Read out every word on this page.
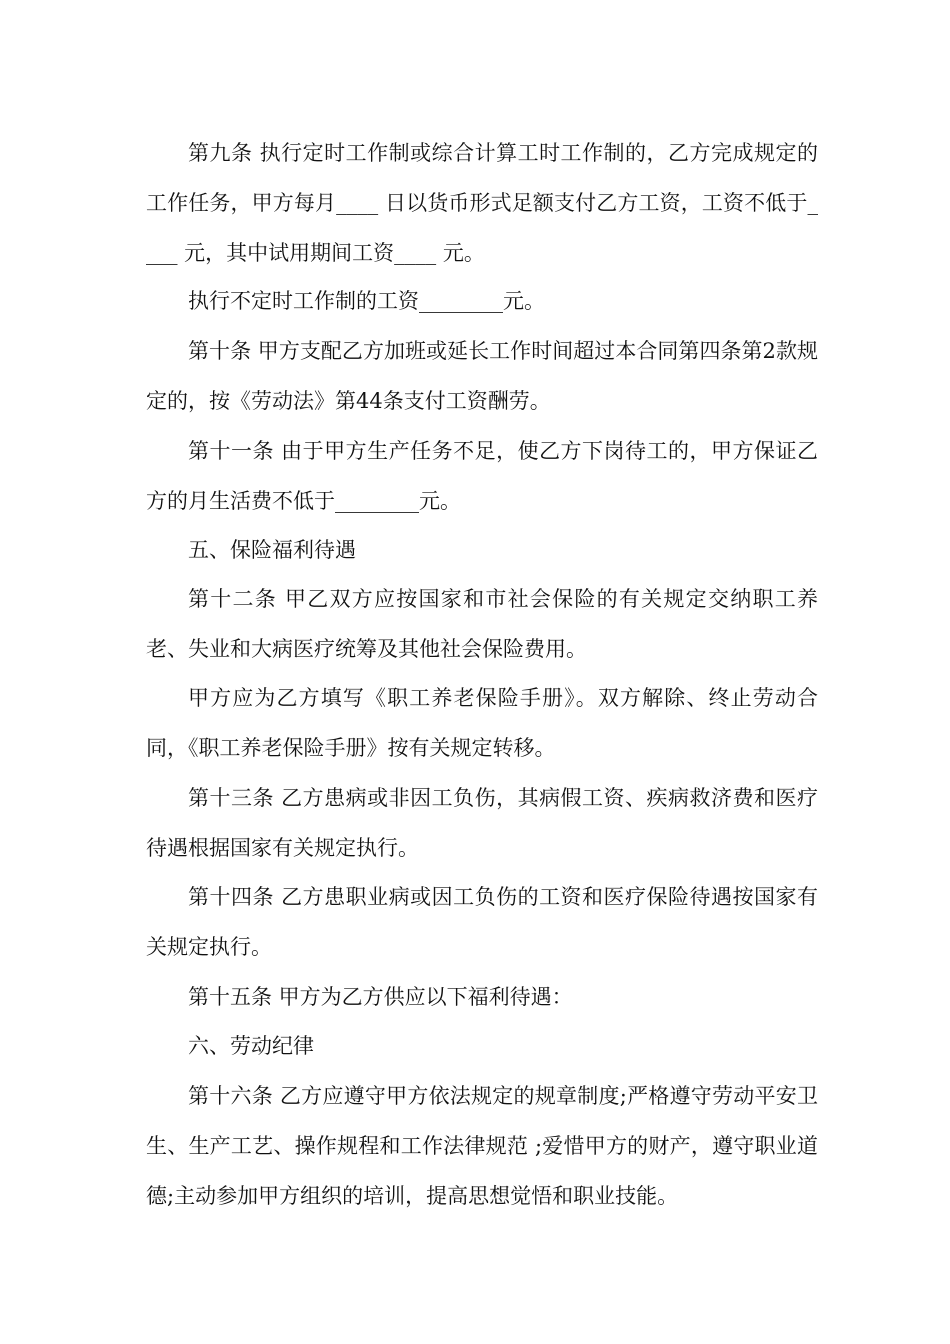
第九条 执行定时工作制或综合计算工时工作制的，乙方完成规定的工作任务，甲方每月____ 日以货币形式足额支付乙方工资，工资不低于____ 元，其中试用期间工资____ 元。

执行不定时工作制的工资________元。

第十条 甲方支配乙方加班或延长工作时间超过本合同第四条第2款规定的，按《劳动法》第44条支付工资酬劳。

第十一条 由于甲方生产任务不足，使乙方下岗待工的，甲方保证乙方的月生活费不低于________元。

五、保险福利待遇

第十二条 甲乙双方应按国家和市社会保险的有关规定交纳职工养老、失业和大病医疗统筹及其他社会保险费用。

甲方应为乙方填写《职工养老保险手册》。双方解除、终止劳动合同，《职工养老保险手册》按有关规定转移。

第十三条 乙方患病或非因工负伤，其病假工资、疾病救济费和医疗待遇根据国家有关规定执行。

第十四条 乙方患职业病或因工负伤的工资和医疗保险待遇按国家有关规定执行。

第十五条 甲方为乙方供应以下福利待遇：

六、劳动纪律

第十六条 乙方应遵守甲方依法规定的规章制度;严格遵守劳动平安卫生、生产工艺、操作规程和工作法律规范 ;爱惜甲方的财产，遵守职业道德;主动参加甲方组织的培训，提高思想觉悟和职业技能。
